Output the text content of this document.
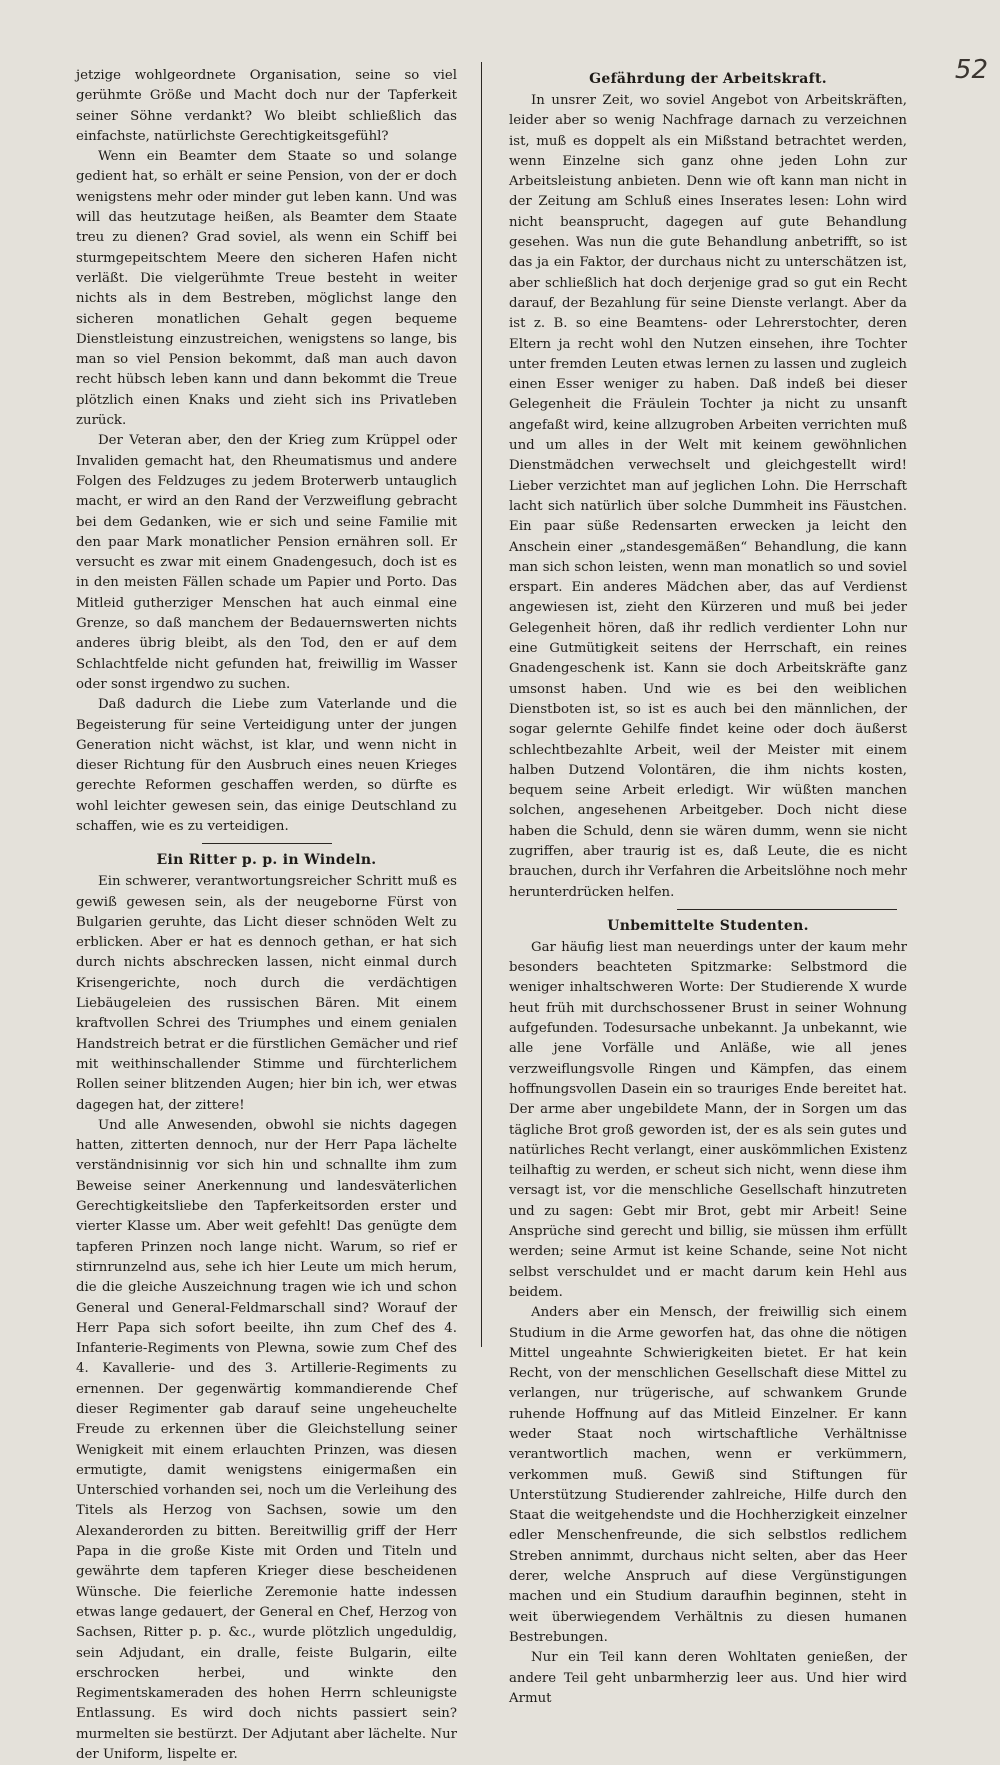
52

jetzige wohlgeordnete Organisation, seine so viel gerühmte Größe und Macht doch nur der Tapferkeit seiner Söhne verdankt? Wo bleibt schließlich das einfachste, natürlichste Gerechtigkeitsgefühl?

Wenn ein Beamter dem Staate so und solange gedient hat, so erhält er seine Pension, von der er doch wenigstens mehr oder minder gut leben kann. Und was will das heutzutage heißen, als Beamter dem Staate treu zu dienen? Grad soviel, als wenn ein Schiff bei sturmgepeitschtem Meere den sicheren Hafen nicht verläßt. Die vielgerühmte Treue besteht in weiter nichts als in dem Bestreben, möglichst lange den sicheren monatlichen Gehalt gegen bequeme Dienstleistung einzustreichen, wenigstens so lange, bis man so viel Pension bekommt, daß man auch davon recht hübsch leben kann und dann bekommt die Treue plötzlich einen Knaks und zieht sich ins Privatleben zurück.

Der Veteran aber, den der Krieg zum Krüppel oder Invaliden gemacht hat, den Rheumatismus und andere Folgen des Feldzuges zu jedem Broterwerb untauglich macht, er wird an den Rand der Verzweiflung gebracht bei dem Gedanken, wie er sich und seine Familie mit den paar Mark monatlicher Pension ernähren soll. Er versucht es zwar mit einem Gnadengesuch, doch ist es in den meisten Fällen schade um Papier und Porto. Das Mitleid gutherziger Menschen hat auch einmal eine Grenze, so daß manchem der Bedauernswerten nichts anderes übrig bleibt, als den Tod, den er auf dem Schlachtfelde nicht gefunden hat, freiwillig im Wasser oder sonst irgendwo zu suchen.

Daß dadurch die Liebe zum Vaterlande und die Begeisterung für seine Verteidigung unter der jungen Generation nicht wächst, ist klar, und wenn nicht in dieser Richtung für den Ausbruch eines neuen Krieges gerechte Reformen geschaffen werden, so dürfte es wohl leichter gewesen sein, das einige Deutschland zu schaffen, wie es zu verteidigen.

Ein Ritter p. p. in Windeln.

Ein schwerer, verantwortungsreicher Schritt muß es gewiß gewesen sein, als der neugeborne Fürst von Bulgarien geruhte, das Licht dieser schnöden Welt zu erblicken. Aber er hat es dennoch gethan, er hat sich durch nichts abschrecken lassen, nicht einmal durch Krisengerichte, noch durch die verdächtigen Liebäugeleien des russischen Bären. Mit einem kraftvollen Schrei des Triumphes und einem genialen Handstreich betrat er die fürstlichen Gemächer und rief mit weithinschallender Stimme und fürchterlichem Rollen seiner blitzenden Augen; hier bin ich, wer etwas dagegen hat, der zittere!

Und alle Anwesenden, obwohl sie nichts dagegen hatten, zitterten dennoch, nur der Herr Papa lächelte verständnisinnig vor sich hin und schnallte ihm zum Beweise seiner Anerkennung und landesväterlichen Gerechtigkeitsliebe den Tapferkeitsorden erster und vierter Klasse um. Aber weit gefehlt! Das genügte dem tapferen Prinzen noch lange nicht. Warum, so rief er stirnrunzelnd aus, sehe ich hier Leute um mich herum, die die gleiche Auszeichnung tragen wie ich und schon General und General-Feldmarschall sind? Worauf der Herr Papa sich sofort beeilte, ihn zum Chef des 4. Infanterie-Regiments von Plewna, sowie zum Chef des 4. Kavallerie- und des 3. Artillerie-Regiments zu ernennen. Der gegenwärtig kommandierende Chef dieser Regimenter gab darauf seine ungeheuchelte Freude zu erkennen über die Gleichstellung seiner Wenigkeit mit einem erlauchten Prinzen, was diesen ermutigte, damit wenigstens einigermaßen ein Unterschied vorhanden sei, noch um die Verleihung des Titels als Herzog von Sachsen, sowie um den Alexanderorden zu bitten. Bereitwillig griff der Herr Papa in die große Kiste mit Orden und Titeln und gewährte dem tapferen Krieger diese bescheidenen Wünsche. Die feierliche Zeremonie hatte indessen etwas lange gedauert, der General en Chef, Herzog von Sachsen, Ritter p. p. &c., wurde plötzlich ungeduldig, sein Adjudant, ein dralle, feiste Bulgarin, eilte erschrocken herbei, und winkte den Regimentskameraden des hohen Herrn schleunigste Entlassung. Es wird doch nichts passiert sein? murmelten sie bestürzt. Der Adjutant aber lächelte. Nur der Uniform, lispelte er.

Gefährdung der Arbeitskraft.

In unsrer Zeit, wo soviel Angebot von Arbeitskräften, leider aber so wenig Nachfrage darnach zu verzeichnen ist, muß es doppelt als ein Mißstand betrachtet werden, wenn Einzelne sich ganz ohne jeden Lohn zur Arbeitsleistung anbieten. Denn wie oft kann man nicht in der Zeitung am Schluß eines Inserates lesen: Lohn wird nicht beansprucht, dagegen auf gute Behandlung gesehen. Was nun die gute Behandlung anbetrifft, so ist das ja ein Faktor, der durchaus nicht zu unterschätzen ist, aber schließlich hat doch derjenige grad so gut ein Recht darauf, der Bezahlung für seine Dienste verlangt. Aber da ist z. B. so eine Beamtens- oder Lehrerstochter, deren Eltern ja recht wohl den Nutzen einsehen, ihre Tochter unter fremden Leuten etwas lernen zu lassen und zugleich einen Esser weniger zu haben. Daß indeß bei dieser Gelegenheit die Fräulein Tochter ja nicht zu unsanft angefaßt wird, keine allzugroben Arbeiten verrichten muß und um alles in der Welt mit keinem gewöhnlichen Dienstmädchen verwechselt und gleichgestellt wird! Lieber verzichtet man auf jeglichen Lohn. Die Herrschaft lacht sich natürlich über solche Dummheit ins Fäustchen. Ein paar süße Redensarten erwecken ja leicht den Anschein einer „standesgemäßen“ Behandlung, die kann man sich schon leisten, wenn man monatlich so und soviel erspart. Ein anderes Mädchen aber, das auf Verdienst angewiesen ist, zieht den Kürzeren und muß bei jeder Gelegenheit hören, daß ihr redlich verdienter Lohn nur eine Gutmütigkeit seitens der Herrschaft, ein reines Gnadengeschenk ist. Kann sie doch Arbeitskräfte ganz umsonst haben. Und wie es bei den weiblichen Dienstboten ist, so ist es auch bei den männlichen, der sogar gelernte Gehilfe findet keine oder doch äußerst schlechtbezahlte Arbeit, weil der Meister mit einem halben Dutzend Volontären, die ihm nichts kosten, bequem seine Arbeit erledigt. Wir wüßten manchen solchen, angesehenen Arbeitgeber. Doch nicht diese haben die Schuld, denn sie wären dumm, wenn sie nicht zugriffen, aber traurig ist es, daß Leute, die es nicht brauchen, durch ihr Verfahren die Arbeitslöhne noch mehr herunterdrücken helfen.

Unbemittelte Studenten.

Gar häufig liest man neuerdings unter der kaum mehr besonders beachteten Spitzmarke: Selbstmord die weniger inhaltschweren Worte: Der Studierende X wurde heut früh mit durchschossener Brust in seiner Wohnung aufgefunden. Todesursache unbekannt. Ja unbekannt, wie alle jene Vorfälle und Anläße, wie all jenes verzweiflungsvolle Ringen und Kämpfen, das einem hoffnungsvollen Dasein ein so trauriges Ende bereitet hat. Der arme aber ungebildete Mann, der in Sorgen um das tägliche Brot groß geworden ist, der es als sein gutes und natürliches Recht verlangt, einer auskömmlichen Existenz teilhaftig zu werden, er scheut sich nicht, wenn diese ihm versagt ist, vor die menschliche Gesellschaft hinzutreten und zu sagen: Gebt mir Brot, gebt mir Arbeit! Seine Ansprüche sind gerecht und billig, sie müssen ihm erfüllt werden; seine Armut ist keine Schande, seine Not nicht selbst verschuldet und er macht darum kein Hehl aus beidem.

Anders aber ein Mensch, der freiwillig sich einem Studium in die Arme geworfen hat, das ohne die nötigen Mittel ungeahnte Schwierigkeiten bietet. Er hat kein Recht, von der menschlichen Gesellschaft diese Mittel zu verlangen, nur trügerische, auf schwankem Grunde ruhende Hoffnung auf das Mitleid Einzelner. Er kann weder Staat noch wirtschaftliche Verhältnisse verantwortlich machen, wenn er verkümmern, verkommen muß. Gewiß sind Stiftungen für Unterstützung Studierender zahlreiche, Hilfe durch den Staat die weitgehendste und die Hochherzigkeit einzelner edler Menschenfreunde, die sich selbstlos redlichem Streben annimmt, durchaus nicht selten, aber das Heer derer, welche Anspruch auf diese Vergünstigungen machen und ein Studium daraufhin beginnen, steht in weit überwiegendem Verhältnis zu diesen humanen Bestrebungen.

Nur ein Teil kann deren Wohltaten genießen, der andere Teil geht unbarmherzig leer aus. Und hier wird Armut
